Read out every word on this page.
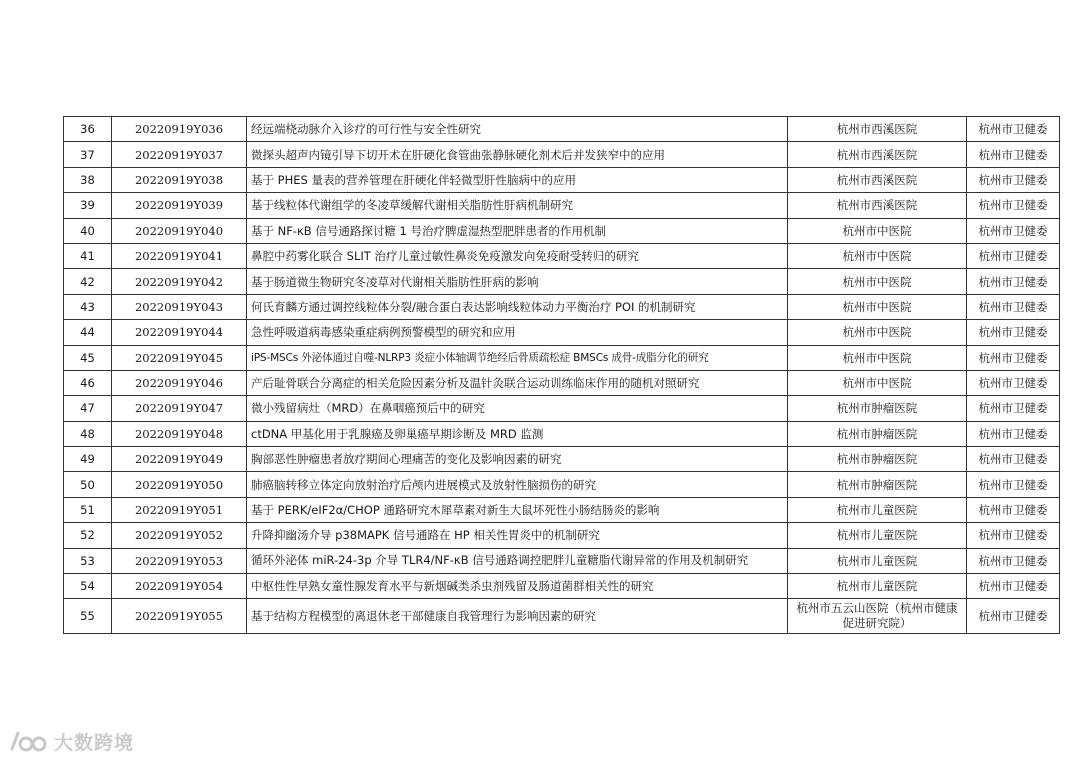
36	20220919Y036	经远端桡动脉介入诊疗的可行性与安全性研究	杭州市西溪医院	杭州市卫健委
37	20220919Y037	微探头超声内镜引导下切开术在肝硬化食管曲张静脉硬化剂术后并发狭窄中的应用	杭州市西溪医院	杭州市卫健委
38	20220919Y038	基于 PHES 量表的营养管理在肝硬化伴轻微型肝性脑病中的应用	杭州市西溪医院	杭州市卫健委
39	20220919Y039	基于线粒体代谢组学的冬凌草缓解代谢相关脂肪性肝病机制研究	杭州市西溪医院	杭州市卫健委
40	20220919Y040	基于 NF-κB 信号通路探讨糖 1 号治疗脾虚湿热型肥胖患者的作用机制	杭州市中医院	杭州市卫健委
41	20220919Y041	鼻腔中药雾化联合 SLIT 治疗儿童过敏性鼻炎免疫激发向免疫耐受转归的研究	杭州市中医院	杭州市卫健委
42	20220919Y042	基于肠道微生物研究冬凌草对代谢相关脂肪性肝病的影响	杭州市中医院	杭州市卫健委
43	20220919Y043	何氏育麟方通过调控线粒体分裂/融合蛋白表达影响线粒体动力平衡治疗 POI 的机制研究	杭州市中医院	杭州市卫健委
44	20220919Y044	急性呼吸道病毒感染重症病例预警模型的研究和应用	杭州市中医院	杭州市卫健委
45	20220919Y045	iPS-MSCs 外泌体通过自噬-NLRP3 炎症小体轴调节绝经后骨质疏松症 BMSCs 成骨-成脂分化的研究	杭州市中医院	杭州市卫健委
46	20220919Y046	产后耻骨联合分离症的相关危险因素分析及温针灸联合运动训练临床作用的随机对照研究	杭州市中医院	杭州市卫健委
47	20220919Y047	微小残留病灶（MRD）在鼻咽癌预后中的研究	杭州市肿瘤医院	杭州市卫健委
48	20220919Y048	ctDNA 甲基化用于乳腺癌及卵巢癌早期诊断及 MRD 监测	杭州市肿瘤医院	杭州市卫健委
49	20220919Y049	胸部恶性肿瘤患者放疗期间心理痛苦的变化及影响因素的研究	杭州市肿瘤医院	杭州市卫健委
50	20220919Y050	肺癌脑转移立体定向放射治疗后颅内进展模式及放射性脑损伤的研究	杭州市肿瘤医院	杭州市卫健委
51	20220919Y051	基于 PERK/eIF2α/CHOP 通路研究木犀草素对新生大鼠坏死性小肠结肠炎的影响	杭州市儿童医院	杭州市卫健委
52	20220919Y052	升降抑幽汤介导 p38MAPK 信号通路在 HP 相关性胃炎中的机制研究	杭州市儿童医院	杭州市卫健委
53	20220919Y053	循环外泌体 miR-24-3p 介导 TLR4/NF-κB 信号通路调控肥胖儿童糖脂代谢异常的作用及机制研究	杭州市儿童医院	杭州市卫健委
54	20220919Y054	中枢性性早熟女童性腺发育水平与新烟碱类杀虫剂残留及肠道菌群相关性的研究	杭州市儿童医院	杭州市卫健委
55	20220919Y055	基于结构方程模型的离退休老干部健康自我管理行为影响因素的研究	杭州市五云山医院（杭州市健康促进研究院）	杭州市卫健委
大数跨境
